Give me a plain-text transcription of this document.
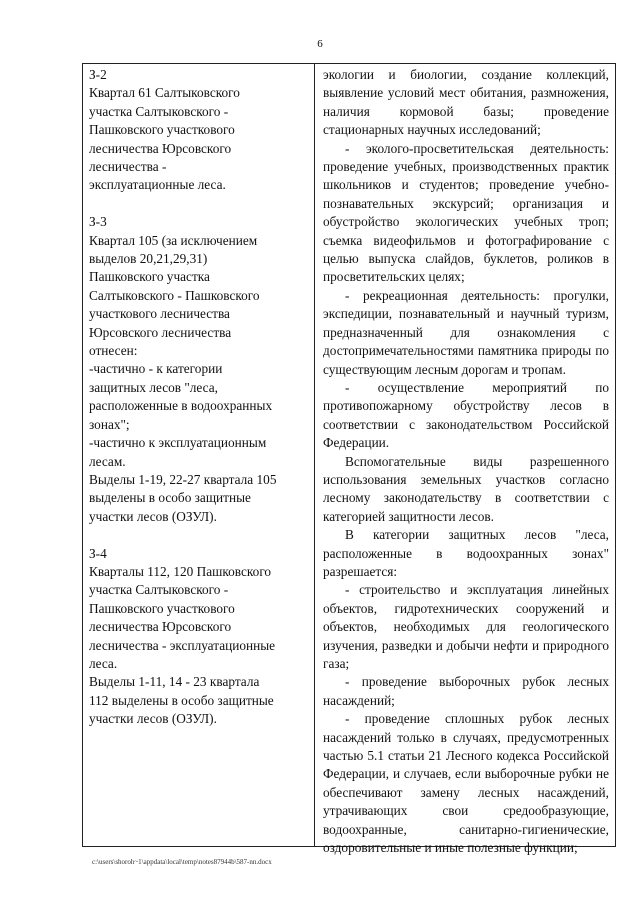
6

З-2

Квартал 61 Салтыковского

участка Салтыковского -

Пашковского участкового

лесничества Юрсовского

лесничества -

эксплуатационные леса.

З-3

Квартал 105 (за исключением

выделов 20,21,29,31)

Пашковского участка

Салтыковского - Пашковского

участкового лесничества

Юрсовского лесничества

отнесен:

-частично - к категории

защитных лесов "леса,

расположенные в водоохранных

зонах";

-частично к эксплуатационным

лесам.

Выделы 1-19, 22-27 квартала 105

выделены в особо защитные

участки лесов (ОЗУЛ).

З-4

Кварталы 112, 120 Пашковского

участка Салтыковского -

Пашковского участкового

лесничества Юрсовского

лесничества - эксплуатационные

леса.

Выделы 1-11, 14 - 23 квартала

112 выделены в особо защитные

участки лесов (ОЗУЛ).

экологии и биологии, создание коллекций, выявление условий мест обитания, размножения, наличия кормовой базы; проведение стационарных научных исследований;

- эколого-просветительская деятельность: проведение учебных, производственных практик школьников и студентов; проведение учебно-познавательных экскурсий; организация и обустройство экологических учебных троп; съемка видеофильмов и фотографирование с целью выпуска слайдов, буклетов, роликов в просветительских целях;

- рекреационная деятельность: прогулки, экспедиции, познавательный и научный туризм, предназначенный для ознакомления с достопримечательностями памятника природы по существующим лесным дорогам и тропам.

- осуществление мероприятий по противопожарному обустройству лесов в соответствии с законодательством Российской Федерации.

Вспомогательные виды разрешенного использования земельных участков согласно лесному законодательству в соответствии с категорией защитности лесов.

В категории защитных лесов "леса, расположенные в водоохранных зонах" разрешается:

- строительство и эксплуатация линейных объектов, гидротехнических сооружений и объектов, необходимых для геологического изучения, разведки и добычи нефти и природного газа;

- проведение выборочных рубок лесных насаждений;

- проведение сплошных рубок лесных насаждений только в случаях, предусмотренных частью 5.1 статьи 21 Лесного кодекса Российской Федерации, и случаев, если выборочные рубки не обеспечивают замену лесных насаждений, утрачивающих свои средообразующие, водоохранные, санитарно-гигиенические, оздоровительные и иные полезные функции;

c:\users\shoroh~1\appdata\local\temp\notes87944b\587-nn.docx
